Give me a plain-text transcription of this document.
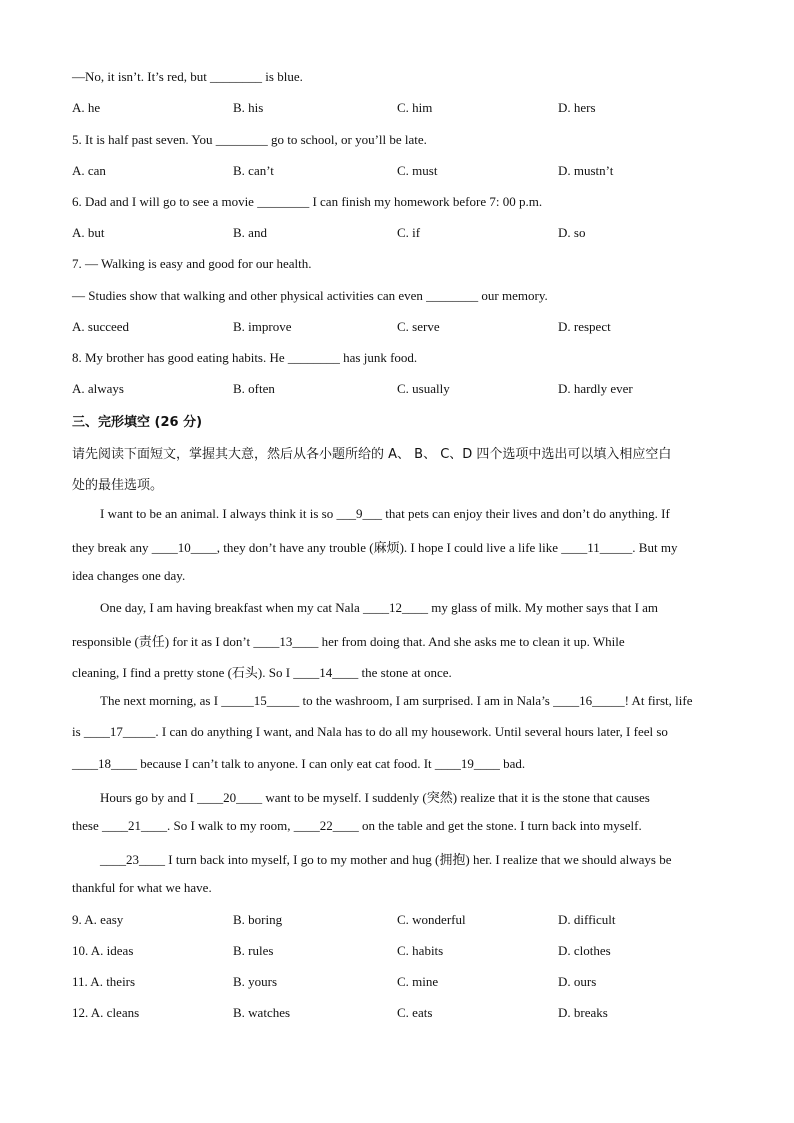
—No, it isn’t. It’s red, but ________ is blue.
A. he	B. his	C. him	D. hers
5. It is half past seven. You ________ go to school, or you’ll be late.
A. can	B. can’t	C. must	D. mustn’t
6. Dad and I will go to see a movie ________ I can finish my homework before 7: 00 p.m.
A. but	B. and	C. if	D. so
7. — Walking is easy and good for our health.
— Studies show that walking and other physical activities can even ________ our memory.
A. succeed	B. improve	C. serve	D. respect
8. My brother has good eating habits. He ________ has junk food.
A. always	B. often	C. usually	D. hardly ever
三、完形填空 (26 分)
请先阅读下面短文，掌握其大意，然后从各小题所给的 A、 B、 C、D 四个选项中选出可以填入相应空白
处的最佳选项。
I want to be an animal. I always think it is so ___9___ that pets can enjoy their lives and don’t do anything. If
they break any ____10____, they don’t have any trouble (麻烦). I hope I could live a life like ____11_____. But my
idea changes one day.
One day, I am having breakfast when my cat Nala ____12____ my glass of milk. My mother says that I am
responsible (责任) for it as I don’t ____13____ her from doing that. And she asks me to clean it up. While
cleaning, I find a pretty stone (石头). So I ____14____ the stone at once.
The next morning, as I _____15_____ to the washroom, I am surprised. I am in Nala’s ____16_____! At first, life
is ____17_____. I can do anything I want, and Nala has to do all my housework. Until several hours later, I feel so
____18____ because I can’t talk to anyone. I can only eat cat food. It ____19____ bad.
Hours go by and I ____20____ want to be myself. I suddenly (突然) realize that it is the stone that causes
these ____21____. So I walk to my room, ____22____ on the table and get the stone. I turn back into myself.
____23____ I turn back into myself, I go to my mother and hug (拥抱) her. I realize that we should always be
thankful for what we have.
9. A. easy	B. boring	C. wonderful	D. difficult
10. A. ideas	B. rules	C. habits	D. clothes
11. A. theirs	B. yours	C. mine	D. ours
12. A. cleans	B. watches	C. eats	D. breaks
